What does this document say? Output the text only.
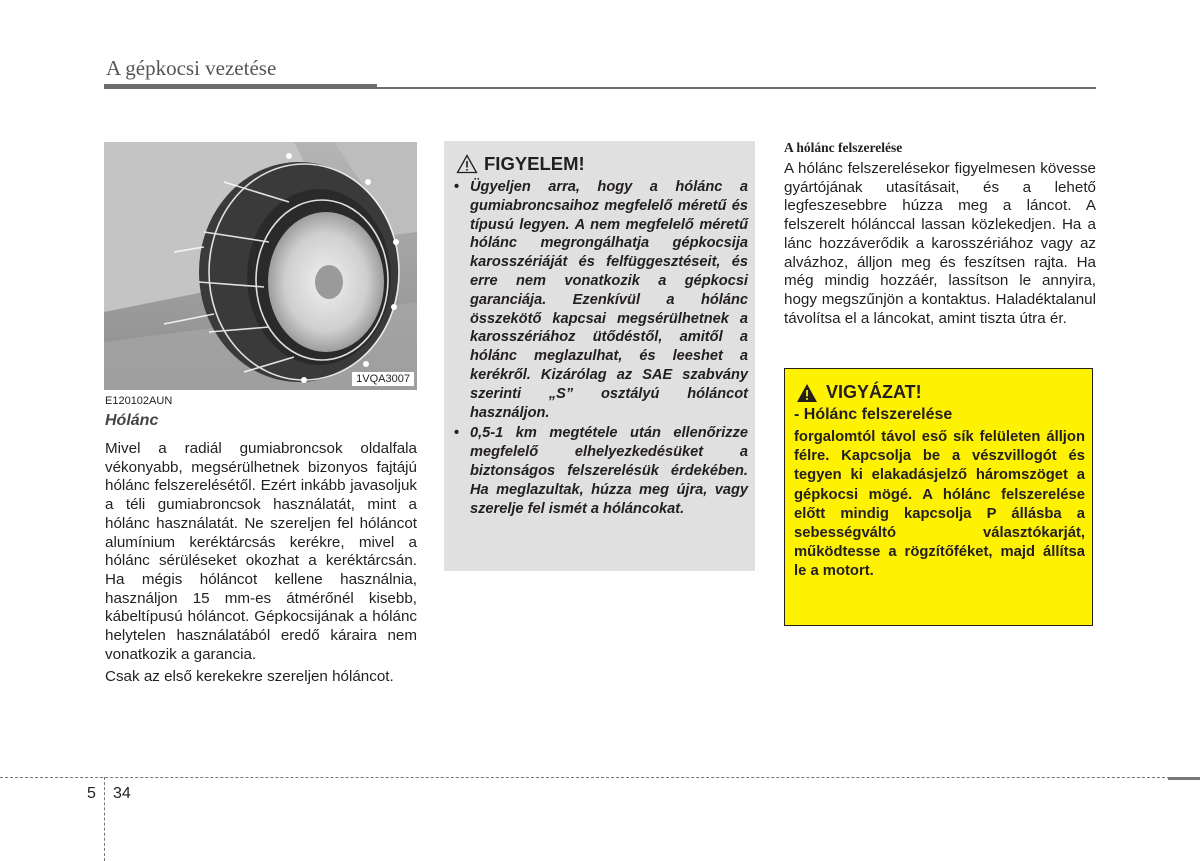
A gépkocsi vezetése
1VQA3007
E120102AUN
Hólánc

Mivel a radiál gumiabroncsok oldalfala vékonyabb, megsérülhetnek bizonyos fajtájú hólánc felszerelésétől. Ezért inkább javasoljuk a téli gumiabroncsok használatát, mint a hólánc használatát. Ne szereljen fel hóláncot alumínium keréktárcsás kerékre, mivel a hólánc sérüléseket okozhat a keréktárcsán. Ha mégis hóláncot kellene használnia, használjon 15 mm-es átmérőnél kisebb, kábeltípusú hóláncot. Gépkocsijának a hólánc helytelen használatából eredő káraira nem vonatkozik a garancia.

Csak az első kerekekre szereljen hóláncot.

FIGYELEM!
• Ügyeljen arra, hogy a hólánc a gumiabroncsaihoz megfelelő méretű és típusú legyen. A nem megfelelő méretű hólánc megrongálhatja gépkocsija karosszériáját és felfüggesztéseit, és erre nem vonatkozik a gépkocsi garanciája. Ezenkívül a hólánc összekötő kapcsai megsérülhetnek a karosszériához ütődéstől, amitől a hólánc meglazulhat, és leeshet a kerékről. Kizárólag az SAE szabvány szerinti „S” osztályú hóláncot használjon.
• 0,5-1 km megtétele után ellenőrizze megfelelő elhelyezkedésüket a biztonságos felszerelésük érdekében. Ha meglazultak, húzza meg újra, vagy szerelje fel ismét a hóláncokat.
A hólánc felszerelése

A hólánc felszerelésekor figyelmesen kövesse gyártójának utasításait, és a lehető legfeszesebbre húzza meg a láncot. A felszerelt hólánccal lassan közlekedjen. Ha a lánc hozzáverődik a karosszériához vagy az alvázhoz, álljon meg és feszítsen rajta. Ha még mindig hozzáér, lassítson le annyira, hogy megszűnjön a kontaktus. Haladéktalanul távolítsa el a láncokat, amint tiszta útra ér.

VIGYÁZAT!
- Hólánc felszerelése
forgalomtól távol eső sík felületen álljon félre. Kapcsolja be a vészvillogót és tegyen ki elakadásjelző háromszöget a gépkocsi mögé. A hólánc felszerelése előtt mindig kapcsolja P állásba a sebességváltó választókarját, működtesse a rögzítőféket, majd állítsa le a motort.
5 34
